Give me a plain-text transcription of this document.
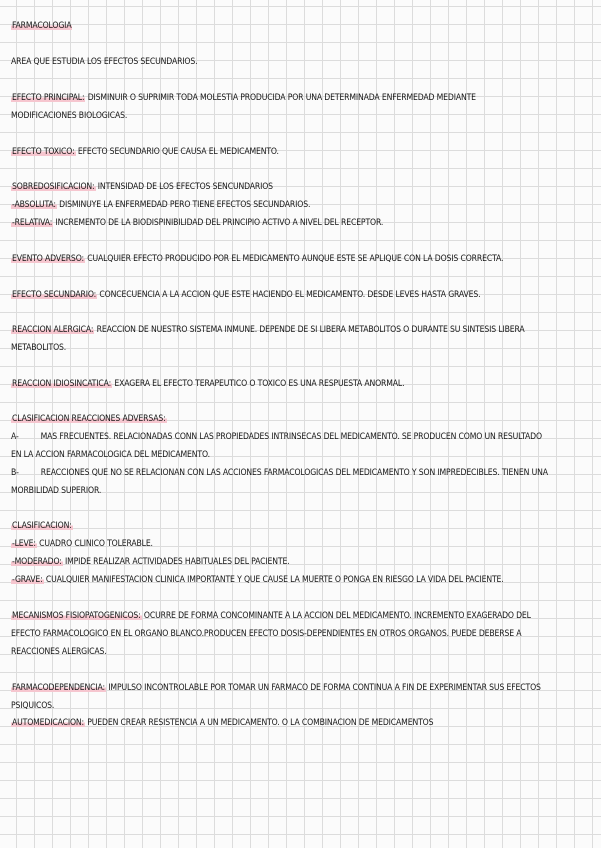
FARMACOLOGIA
AREA QUE ESTUDIA LOS EFECTOS SECUNDARIOS.
EFECTO PRINCIPAL: DISMINUIR O SUPRIMIR TODA MOLESTIA PRODUCIDA POR UNA DETERMINADA ENFERMEDAD MEDIANTE
MODIFICACIONES BIOLOGICAS.
EFECTO TOXICO: EFECTO SECUNDARIO QUE CAUSA EL MEDICAMENTO.
SOBREDOSIFICACION: INTENSIDAD DE LOS EFECTOS SENCUNDARIOS
-ABSOLUTA: DISMINUYE LA ENFERMEDAD PERO TIENE EFECTOS SECUNDARIOS.
-RELATIVA: INCREMENTO DE LA BIODISPINIBILIDAD DEL PRINCIPIO ACTIVO A NIVEL DEL RECEPTOR.
EVENTO ADVERSO: CUALQUIER EFECTO PRODUCIDO POR EL MEDICAMENTO AUNQUE ESTE SE APLIQUE CON LA DOSIS CORRECTA.
EFECTO SECUNDARIO: CONCECUENCIA A LA ACCION QUE ESTE HACIENDO EL MEDICAMENTO. DESDE LEVES HASTA GRAVES.
REACCION ALERGICA: REACCION DE NUESTRO SISTEMA INMUNE. DEPENDE DE SI LIBERA METABOLITOS O DURANTE SU SINTESIS LIBERA
METABOLITOS.
REACCION IDIOSINCATICA: EXAGERA EL EFECTO TERAPEUTICO O TOXICO ES UNA RESPUESTA ANORMAL.
CLASIFICACION REACCIONES ADVERSAS:
A-	MAS FRECUENTES. RELACIONADAS CONN LAS PROPIEDADES INTRINSECAS DEL MEDICAMENTO. SE PRODUCEN COMO UN RESULTADO
EN LA ACCION FARMACOLOGICA DEL MEDICAMENTO.
B-	REACCIONES QUE NO SE RELACIONAN CON LAS ACCIONES FARMACOLOGICAS DEL MEDICAMENTO Y SON IMPREDECIBLES. TIENEN UNA
MORBILIDAD SUPERIOR.
CLASIFICACION:
-LEVE: CUADRO CLINICO TOLERABLE.
-MODERADO: IMPIDE REALIZAR ACTIVIDADES HABITUALES DEL PACIENTE.
-GRAVE: CUALQUIER MANIFESTACION CLINICA IMPORTANTE Y QUE CAUSE LA MUERTE O PONGA EN RIESGO LA VIDA DEL PACIENTE.
MECANISMOS FISIOPATOGENICOS: OCURRE DE FORMA CONCOMINANTE A LA ACCION DEL MEDICAMENTO. INCREMENTO EXAGERADO DEL
EFECTO FARMACOLOGICO EN EL ORGANO BLANCO.PRODUCEN EFECTO DOSIS-DEPENDIENTES EN OTROS ORGANOS. PUEDE DEBERSE A
REACCIONES ALERGICAS.
FARMACODEPENDENCIA: IMPULSO INCONTROLABLE POR TOMAR UN FARMACO DE FORMA CONTINUA A FIN DE EXPERIMENTAR SUS EFECTOS
PSIQUICOS.
AUTOMEDICACION: PUEDEN CREAR RESISTENCIA A UN MEDICAMENTO. O LA COMBINACION DE MEDICAMENTOS
